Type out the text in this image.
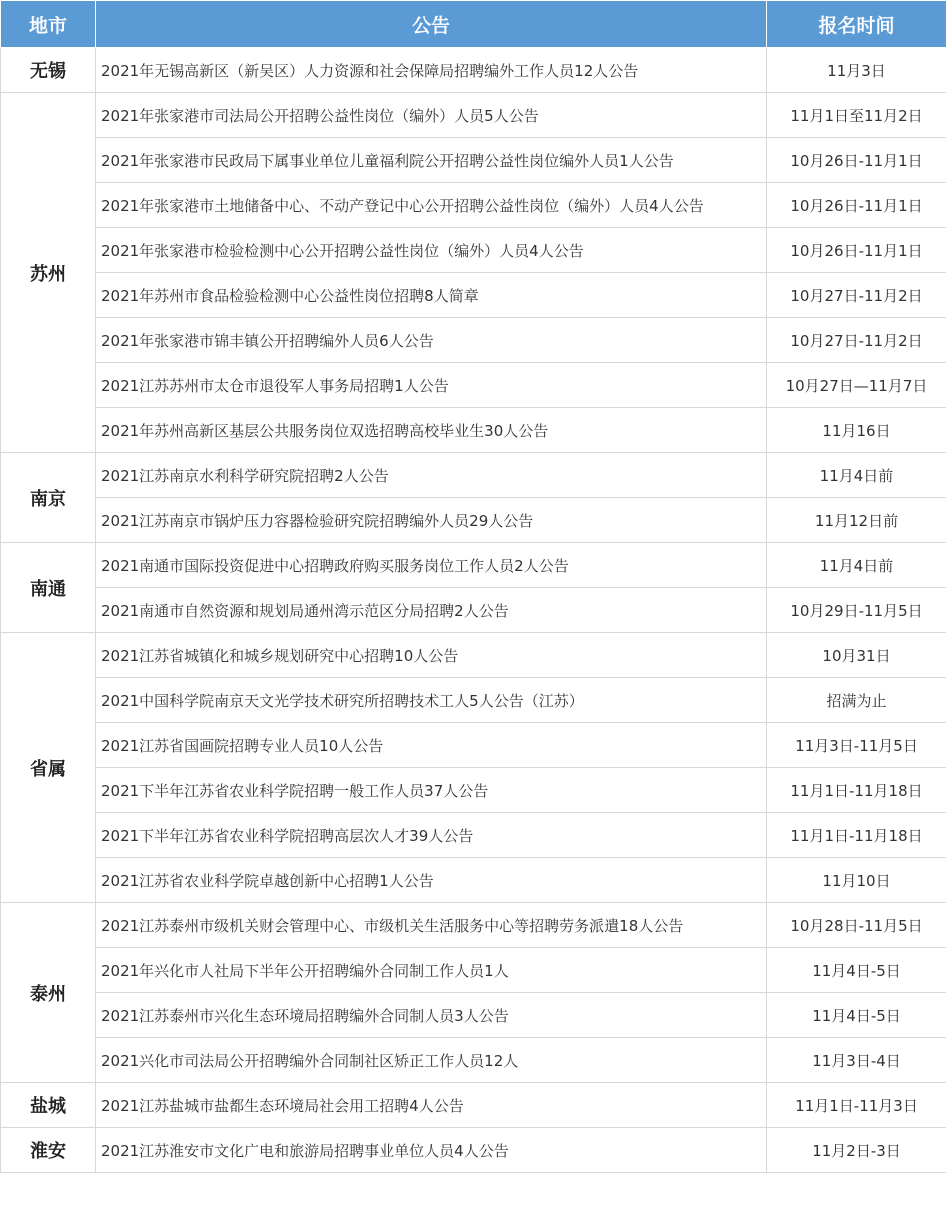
地市	公告	报名时间
无锡	2021年无锡高新区（新吴区）人力资源和社会保障局招聘编外工作人员12人公告	11月3日
苏州	2021年张家港市司法局公开招聘公益性岗位（编外）人员5人公告	11月1日至11月2日
	2021年张家港市民政局下属事业单位儿童福利院公开招聘公益性岗位编外人员1人公告	10月26日-11月1日
	2021年张家港市土地储备中心、不动产登记中心公开招聘公益性岗位（编外）人员4人公告	10月26日-11月1日
	2021年张家港市检验检测中心公开招聘公益性岗位（编外）人员4人公告	10月26日-11月1日
	2021年苏州市食品检验检测中心公益性岗位招聘8人简章	10月27日-11月2日
	2021年张家港市锦丰镇公开招聘编外人员6人公告	10月27日-11月2日
	2021江苏苏州市太仓市退役军人事务局招聘1人公告	10月27日—11月7日
	2021年苏州高新区基层公共服务岗位双选招聘高校毕业生30人公告	11月16日
南京	2021江苏南京水利科学研究院招聘2人公告	11月4日前
	2021江苏南京市锅炉压力容器检验研究院招聘编外人员29人公告	11月12日前
南通	2021南通市国际投资促进中心招聘政府购买服务岗位工作人员2人公告	11月4日前
	2021南通市自然资源和规划局通州湾示范区分局招聘2人公告	10月29日-11月5日
省属	2021江苏省城镇化和城乡规划研究中心招聘10人公告	10月31日
	2021中国科学院南京天文光学技术研究所招聘技术工人5人公告（江苏）	招满为止
	2021江苏省国画院招聘专业人员10人公告	11月3日-11月5日
	2021下半年江苏省农业科学院招聘一般工作人员37人公告	11月1日-11月18日
	2021下半年江苏省农业科学院招聘高层次人才39人公告	11月1日-11月18日
	2021江苏省农业科学院卓越创新中心招聘1人公告	11月10日
泰州	2021江苏泰州市级机关财会管理中心、市级机关生活服务中心等招聘劳务派遣18人公告	10月28日-11月5日
	2021年兴化市人社局下半年公开招聘编外合同制工作人员1人	11月4日-5日
	2021江苏泰州市兴化生态环境局招聘编外合同制人员3人公告	11月4日-5日
	2021兴化市司法局公开招聘编外合同制社区矫正工作人员12人	11月3日-4日
盐城	2021江苏盐城市盐都生态环境局社会用工招聘4人公告	11月1日-11月3日
淮安	2021江苏淮安市文化广电和旅游局招聘事业单位人员4人公告	11月2日-3日
